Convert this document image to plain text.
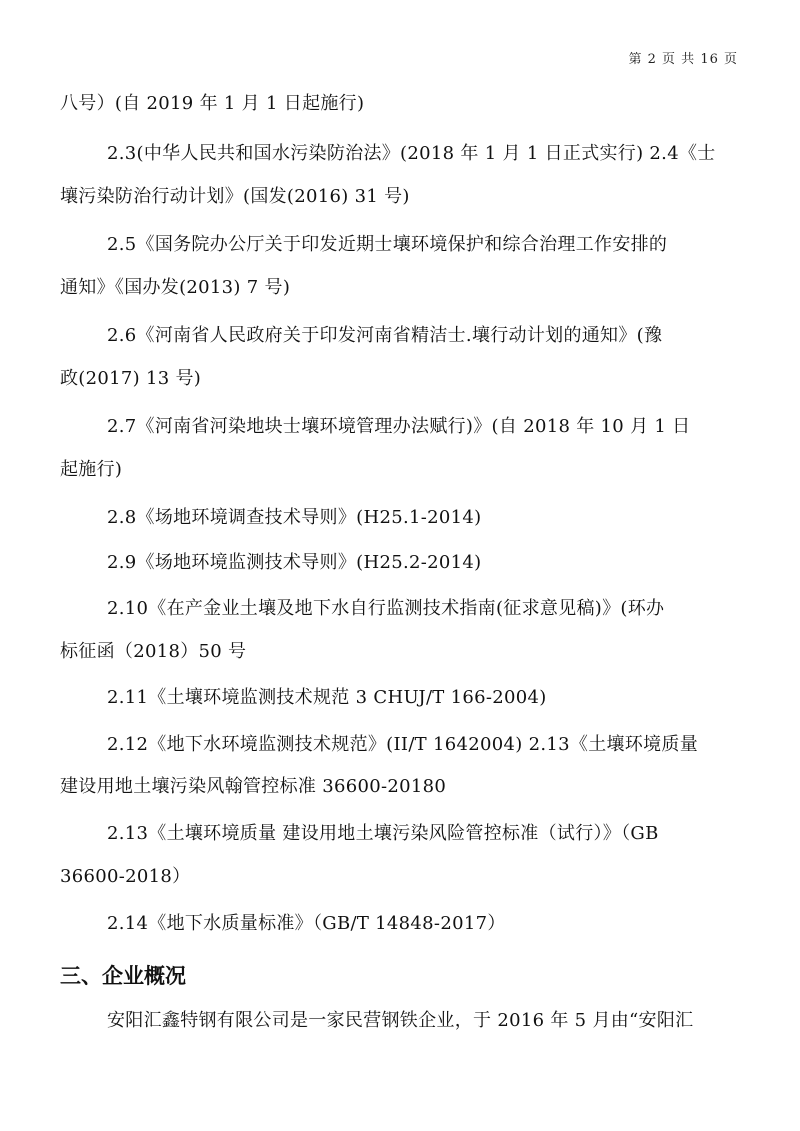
第 2 页 共 16 页
八号）(自 2019 年 1 月 1 日起施行)
2.3(中华人民共和国水污染防治法》(2018 年 1 月 1 日正式实行) 2.4《士
壤污染防治行动计划》(国发(2016) 31 号)
2.5《国务院办公厅关于印发近期士壤环境保护和综合治理工作安排的
通知》《国办发(2013) 7 号)
2.6《河南省人民政府关于印发河南省精洁士.壤行动计划的通知》(豫
政(2017) 13 号)
2.7《河南省河染地块士壤环境管理办法赋行)》(自 2018 年 10 月 1 日
起施行)
2.8《场地环境调查技术导则》(H25.1-2014)
2.9《场地环境监测技术导则》(H25.2-2014)
2.10《在产金业土壤及地下水自行监测技术指南(征求意见稿)》(环办
标征函（2018）50 号
2.11《土壤环境监测技术规范 3 CHUJ/T 166-2004)
2.12《地下水环境监测技术规范》(II/T 1642004) 2.13《土壤环境质量
建设用地土壤污染风翰管控标准 36600-20180
2.13《土壤环境质量 建设用地土壤污染风险管控标准（试行）》（GB
36600-2018）
2.14《地下水质量标准》（GB/T 14848-2017）
三、企业概况
安阳汇鑫特钢有限公司是一家民营钢铁企业，于 2016 年 5 月由“安阳汇
